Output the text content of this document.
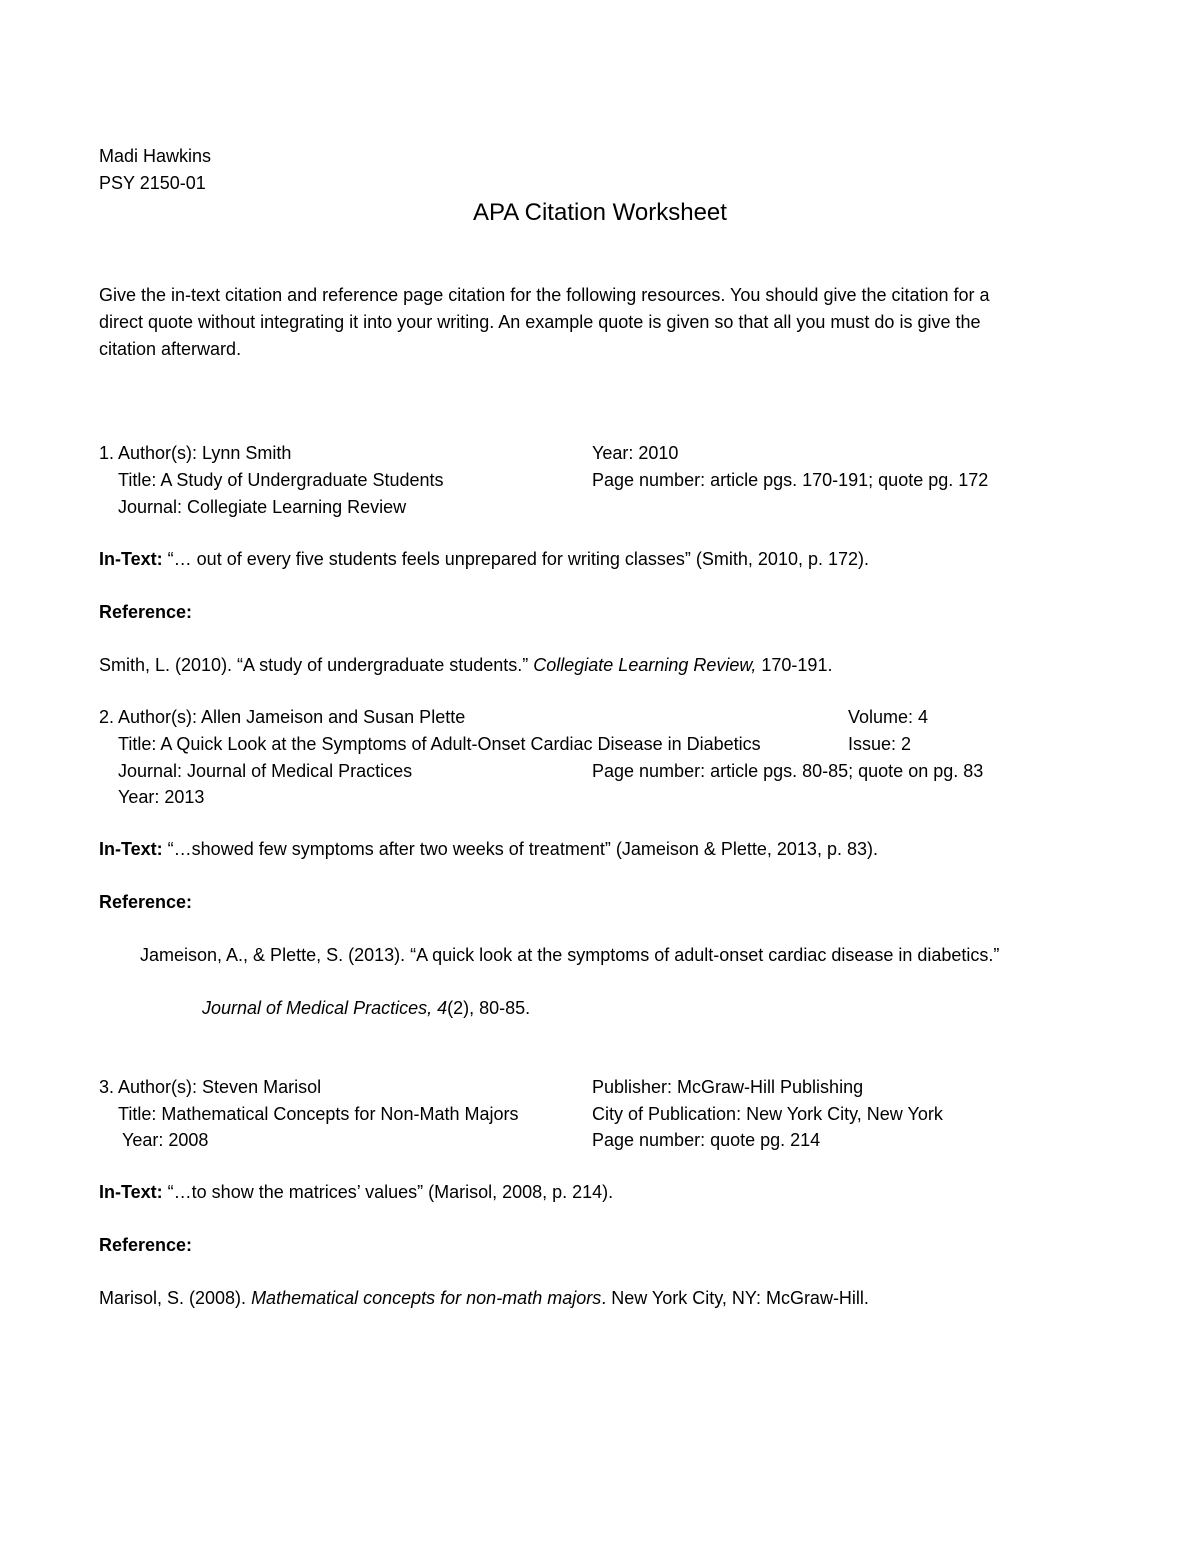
Madi Hawkins
PSY 2150-01
APA Citation Worksheet
Give the in-text citation and reference page citation for the following resources. You should give the citation for a
direct quote without integrating it into your writing. An example quote is given so that all you must do is give the
citation afterward.
1. Author(s): Lynn Smith	Year: 2010
Title: A Study of Undergraduate Students	Page number: article pgs. 170-191; quote pg. 172
Journal: Collegiate Learning Review
In-Text: “… out of every five students feels unprepared for writing classes” (Smith, 2010, p. 172).
Reference:
Smith, L. (2010). “A study of undergraduate students.” Collegiate Learning Review, 170-191.
2. Author(s): Allen Jameison and Susan Plette	Volume: 4
Title: A Quick Look at the Symptoms of Adult-Onset Cardiac Disease in Diabetics	Issue: 2
Journal: Journal of Medical Practices	Page number: article pgs. 80-85; quote on pg. 83
Year: 2013
In-Text: “…showed few symptoms after two weeks of treatment” (Jameison & Plette, 2013, p. 83).
Reference:
Jameison, A., & Plette, S. (2013). “A quick look at the symptoms of adult-onset cardiac disease in diabetics.”
Journal of Medical Practices, 4(2), 80-85.
3. Author(s): Steven Marisol	Publisher: McGraw-Hill Publishing
Title: Mathematical Concepts for Non-Math Majors	City of Publication: New York City, New York
Year: 2008	Page number: quote pg. 214
In-Text: “…to show the matrices’ values” (Marisol, 2008, p. 214).
Reference:
Marisol, S. (2008). Mathematical concepts for non-math majors. New York City, NY: McGraw-Hill.
